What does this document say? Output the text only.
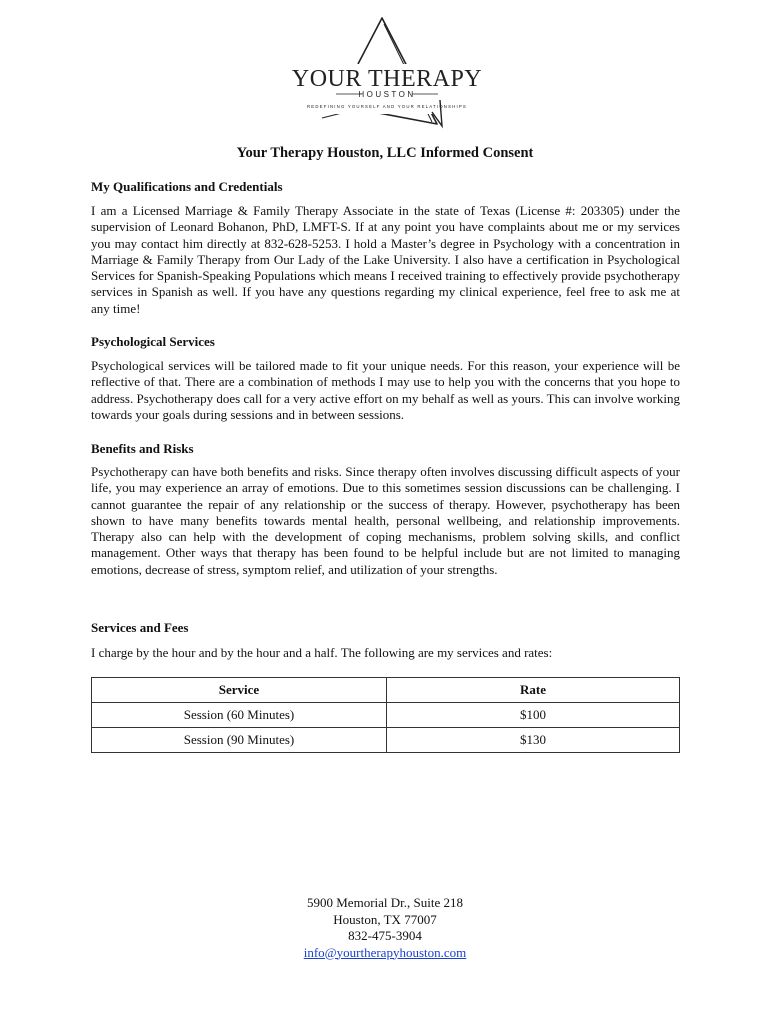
YOUR THERAPY
HOUSTON
REDEFINING YOURSELF AND YOUR RELATIONSHIPS
Your Therapy Houston, LLC Informed Consent
My Qualifications and Credentials

I am a Licensed Marriage & Family Therapy Associate in the state of Texas (License #: 203305) under the supervision of Leonard Bohanon, PhD, LMFT-S. If at any point you have complaints about me or my services you may contact him directly at 832-628-5253. I hold a Master’s degree in Psychology with a concentration in Marriage & Family Therapy from Our Lady of the Lake University. I also have a certification in Psychological Services for Spanish-Speaking Populations which means I received training to effectively provide psychotherapy services in Spanish as well. If you have any questions regarding my clinical experience, feel free to ask me at any time!

Psychological Services

Psychological services will be tailored made to fit your unique needs. For this reason, your experience will be reflective of that. There are a combination of methods I may use to help you with the concerns that you hope to address. Psychotherapy does call for a very active effort on my behalf as well as yours. This can involve working towards your goals during sessions and in between sessions.

Benefits and Risks

Psychotherapy can have both benefits and risks. Since therapy often involves discussing difficult aspects of your life, you may experience an array of emotions. Due to this sometimes session discussions can be challenging. I cannot guarantee the repair of any relationship or the success of therapy. However, psychotherapy has been shown to have many benefits towards mental health, personal wellbeing, and relationship improvements. Therapy also can help with the development of coping mechanisms, problem solving skills, and conflict management. Other ways that therapy has been found to be helpful include but are not limited to managing emotions, decrease of stress, symptom relief, and utilization of your strengths.

Services and Fees

I charge by the hour and by the hour and a half. The following are my services and rates:

Service	Rate
Session (60 Minutes)	$100
Session (90 Minutes)	$130
5900 Memorial Dr., Suite 218
Houston, TX 77007
832-475-3904
info@yourtherapyhouston.com
